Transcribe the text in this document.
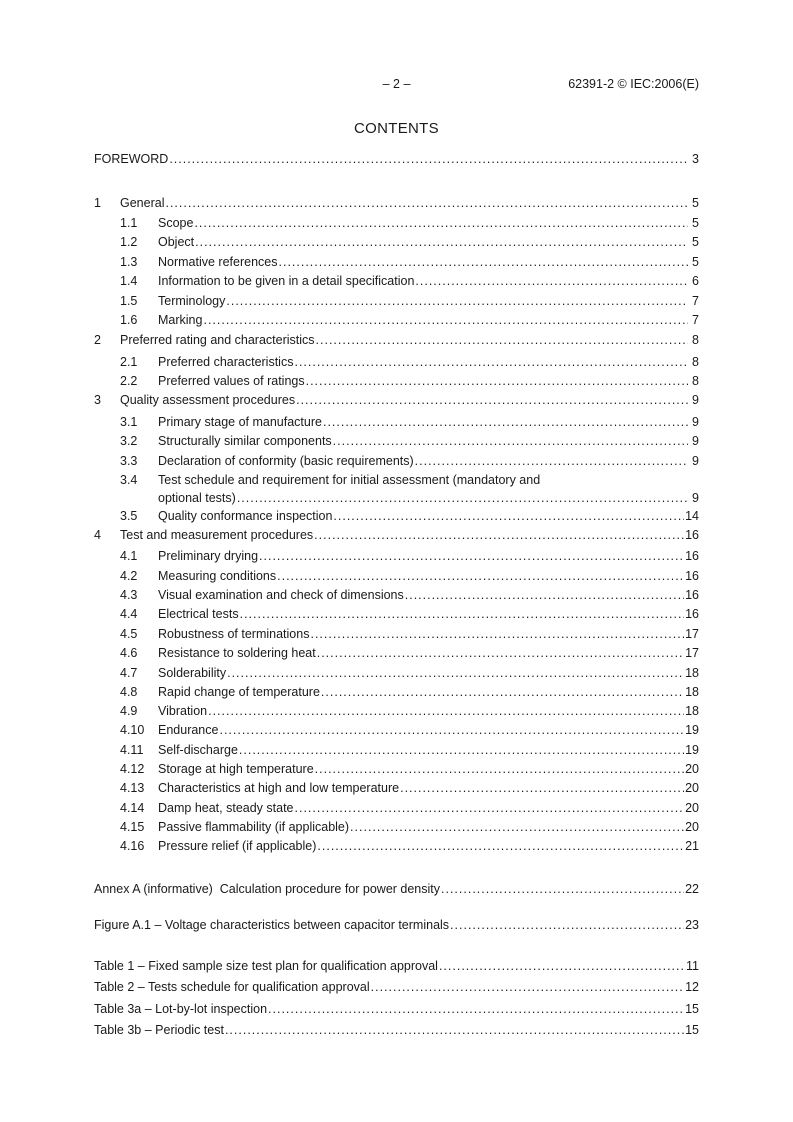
– 2 –	62391-2 © IEC:2006(E)
CONTENTS
FOREWORD .....	3
1	General .....	5
1.1	Scope .....	5
1.2	Object .....	5
1.3	Normative references .....	5
1.4	Information to be given in a detail specification .....	6
1.5	Terminology .....	7
1.6	Marking .....	7
2	Preferred rating and characteristics .....	8
2.1	Preferred characteristics .....	8
2.2	Preferred values of ratings .....	8
3	Quality assessment procedures .....	9
3.1	Primary stage of manufacture .....	9
3.2	Structurally similar components .....	9
3.3	Declaration of conformity (basic requirements) .....	9
3.4	Test schedule and requirement for initial assessment (mandatory and
optional tests) .....	9
3.5	Quality conformance inspection .....	14
4	Test and measurement procedures .....	16
4.1	Preliminary drying .....	16
4.2	Measuring conditions .....	16
4.3	Visual examination and check of dimensions .....	16
4.4	Electrical tests .....	16
4.5	Robustness of terminations .....	17
4.6	Resistance to soldering heat .....	17
4.7	Solderability .....	18
4.8	Rapid change of temperature .....	18
4.9	Vibration .....	18
4.10	Endurance .....	19
4.11	Self-discharge .....	19
4.12	Storage at high temperature .....	20
4.13	Characteristics at high and low temperature .....	20
4.14	Damp heat, steady state .....	20
4.15	Passive flammability (if applicable) .....	20
4.16	Pressure relief (if applicable) .....	21
Annex A (informative)  Calculation procedure for power density .....	22
Figure A.1 – Voltage characteristics between capacitor terminals .....	23
Table 1 – Fixed sample size test plan for qualification approval .....	11
Table 2 – Tests schedule for qualification approval .....	12
Table 3a – Lot-by-lot inspection .....	15
Table 3b – Periodic test .....	15
